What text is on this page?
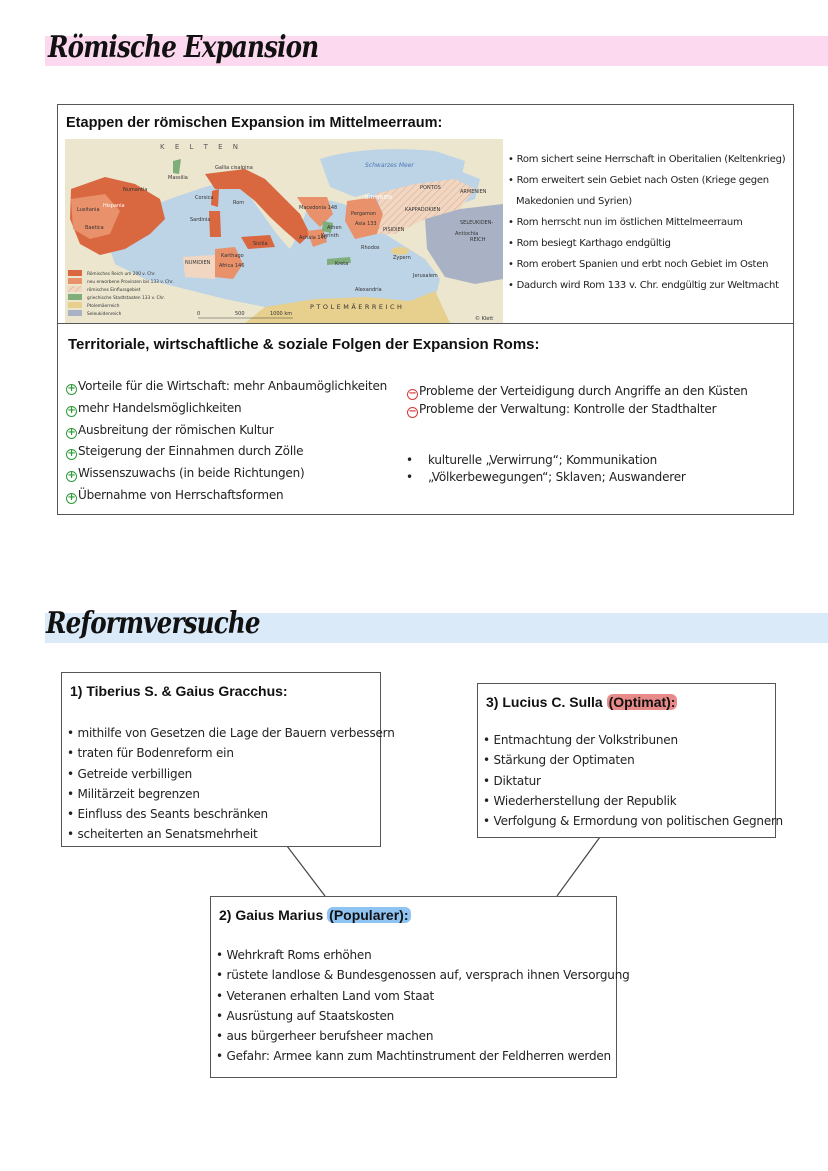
Römische Expansion
Etappen der römischen Expansion im Mittelmeerraum:
K E L T E N
Schwarzes Meer
PONTOS
ARMENIEN
BITHYNIEN
KAPPADOKIEN
SELEUKIDEN-
REICH
Antiochia
Numantia
Hispania
Lusitania
Baetica
Massilia
Corsica
Sardinia
Rom
Gallia cisalpina
Sicilia
NUMIDIEN
Karthago
Africa 146
Macedonia 148
Achaia 146
Athen
Korinth
Pergamon
Asia 133
PISIDIEN
Rhodos
Kreta
Zypern
Jerusalem
Alexandria
PTOLEMÄERREICH
© Klett
0	500	1000 km
Römisches Reich um 200 v. Chr.
neu erworbene Provinzen bis 133 v. Chr.
römisches Einflussgebiet
griechische Stadtstaaten 133 v. Chr.
Ptolemäerreich
Seleukidenreich
• Rom sichert seine Herrschaft in Oberitalien (Keltenkrieg)
• Rom erweitert sein Gebiet nach Osten (Kriege gegen
Makedonien und Syrien)
• Rom herrscht nun im östlichen Mittelmeerraum
• Rom besiegt Karthago endgültig
• Rom erobert Spanien und erbt noch Gebiet im Osten
• Dadurch wird Rom 133 v. Chr. endgültig zur Weltmacht
Territoriale, wirtschaftliche & soziale Folgen der Expansion Roms:
+ Vorteile für die Wirtschaft: mehr Anbaumöglichkeiten
+ mehr Handelsmöglichkeiten
+ Ausbreitung der römischen Kultur
+ Steigerung der Einnahmen durch Zölle
+ Wissenszuwachs (in beide Richtungen)
+ Übernahme von Herrschaftsformen
− Probleme der Verteidigung durch Angriffe an den Küsten
− Probleme der Verwaltung: Kontrolle der Stadthalter
• kulturelle „Verwirrung“; Kommunikation
• „Völkerbewegungen“; Sklaven; Auswanderer
Reformversuche
1) Tiberius S. & Gaius Gracchus:
• mithilfe von Gesetzen die Lage der Bauern verbessern
• traten für Bodenreform ein
• Getreide verbilligen
• Militärzeit begrenzen
• Einfluss des Seants beschränken
• scheiterten an Senatsmehrheit
3) Lucius C. Sulla (Optimat):
• Entmachtung der Volkstribunen
• Stärkung der Optimaten
• Diktatur
• Wiederherstellung der Republik
• Verfolgung & Ermordung von politischen Gegnern
2) Gaius Marius (Popularer):
• Wehrkraft Roms erhöhen
• rüstete landlose & Bundesgenossen auf, versprach ihnen Versorgung
• Veteranen erhalten Land vom Staat
• Ausrüstung auf Staatskosten
• aus bürgerheer berufsheer machen
• Gefahr: Armee kann zum Machtinstrument der Feldherren werden
